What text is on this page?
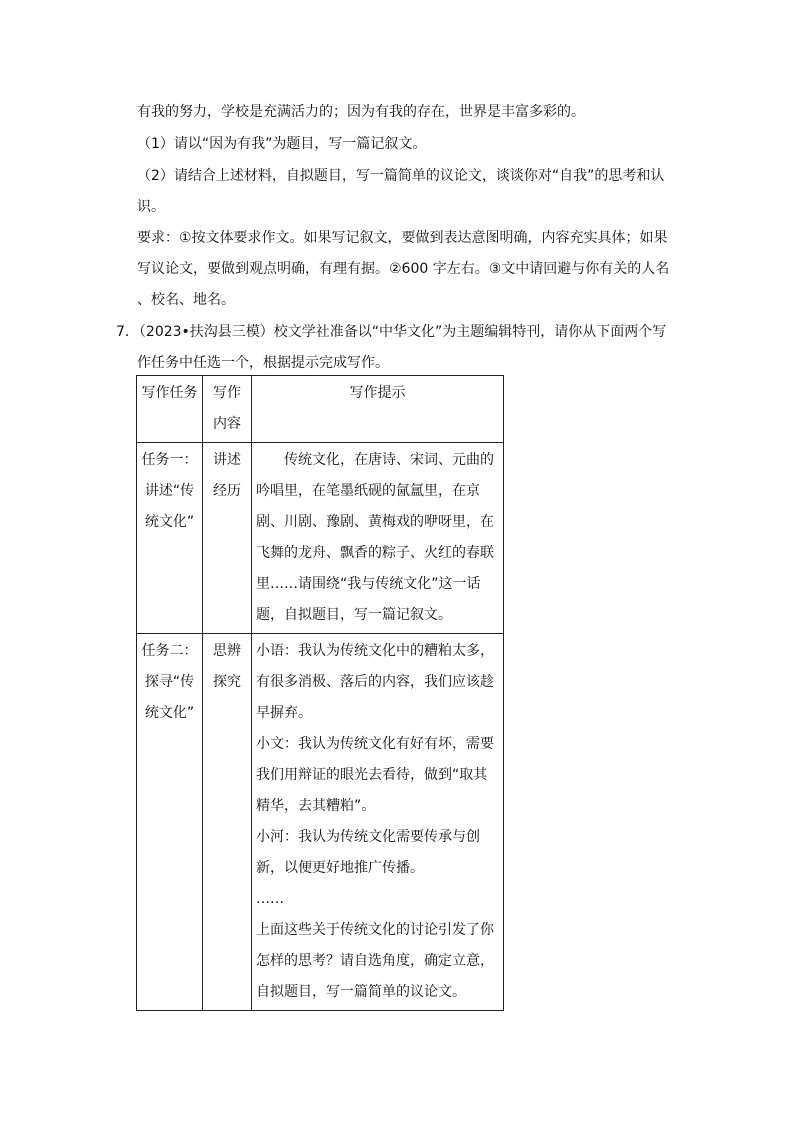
有我的努力，学校是充满活力的；因为有我的存在，世界是丰富多彩的。
（1）请以“因为有我”为题目，写一篇记叙文。
（2）请结合上述材料，自拟题目，写一篇简单的议论文，谈谈你对“自我”的思考和认
识。
要求：①按文体要求作文。如果写记叙文，要做到表达意图明确，内容充实具体；如果
写议论文，要做到观点明确，有理有据。②600 字左右。③文中请回避与你有关的人名
、校名、地名。
7．（2023•扶沟县三模）校文学社准备以“中华文化”为主题编辑特刊，请你从下面两个写
作任务中任选一个，根据提示完成写作。
写作任务	写作内容	写作提示
任务一：讲述“传统文化”	讲述经历	传统文化，在唐诗、宋词、元曲的吟唱里，在笔墨纸砚的氤氲里，在京剧、川剧、豫剧、黄梅戏的咿呀里，在飞舞的龙舟、飘香的粽子、火红的春联里……请围绕“我与传统文化”这一话题，自拟题目，写一篇记叙文。

任务二：探寻“传统文化”	思辨探究	小语：我认为传统文化中的糟粕太多，有很多消极、落后的内容，我们应该趁早摒弃。
小文：我认为传统文化有好有坏，需要我们用辩证的眼光去看待，做到“取其精华，去其糟粕”。
小河：我认为传统文化需要传承与创新，以便更好地推广传播。
……
上面这些关于传统文化的讨论引发了你怎样的思考？请自选角度，确定立意，自拟题目，写一篇简单的议论文。
